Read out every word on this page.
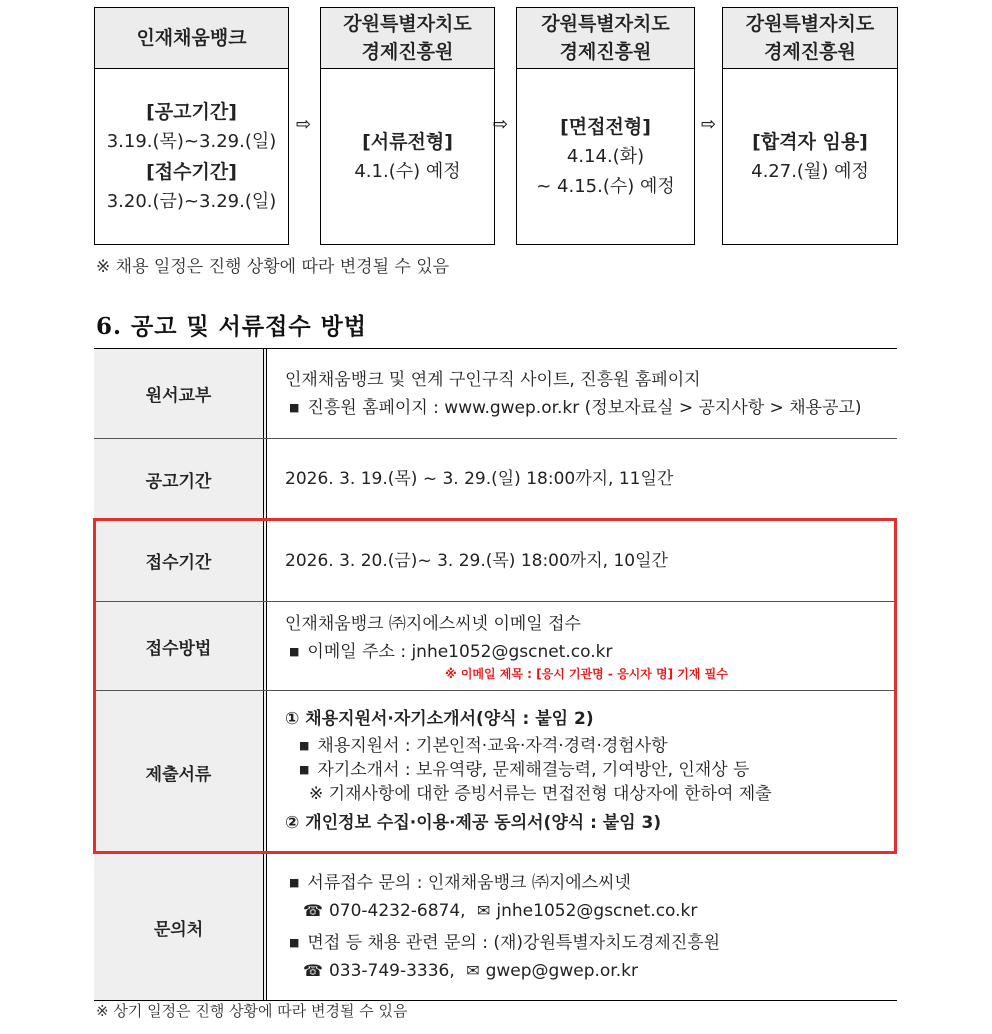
인재채움뱅크
[공고기간]
3.19.(목)~3.29.(일)
[접수기간]
3.20.(금)~3.29.(일)
⇨
강원특별자치도
경제진흥원
[서류전형]
4.1.(수) 예정
⇨
강원특별자치도
경제진흥원
[면접전형]
4.14.(화)
~ 4.15.(수) 예정
⇨
강원특별자치도
경제진흥원
[합격자 임용]
4.27.(월) 예정
※ 채용 일정은 진행 상황에 따라 변경될 수 있음
6. 공고 및 서류접수 방법
원서교부
인재채움뱅크 및 연계 구인구직 사이트, 진흥원 홈페이지
■ 진흥원 홈페이지 : www.gwep.or.kr (정보자료실 > 공지사항 > 채용공고)
공고기간	2026. 3. 19.(목) ~ 3. 29.(일) 18:00까지, 11일간
접수기간	2026. 3. 20.(금)~ 3. 29.(목) 18:00까지, 10일간
접수방법
인재채움뱅크 ㈜지에스씨넷 이메일 접수
■ 이메일 주소 : jnhe1052@gscnet.co.kr
※ 이메일 제목 : [응시 기관명 - 응시자 명] 기재 필수
제출서류
① 채용지원서·자기소개서(양식 : 붙임 2)
■ 채용지원서 : 기본인적·교육·자격·경력·경험사항
■ 자기소개서 : 보유역량, 문제해결능력, 기여방안, 인재상 등
※ 기재사항에 대한 증빙서류는 면접전형 대상자에 한하여 제출
② 개인정보 수집·이용·제공 동의서(양식 : 붙임 3)
문의처
■ 서류접수 문의 : 인재채움뱅크 ㈜지에스씨넷
☎ 070-4232-6874, ✉ jnhe1052@gscnet.co.kr
■ 면접 등 채용 관련 문의 : (재)강원특별자치도경제진흥원
☎ 033-749-3336, ✉ gwep@gwep.or.kr
※ 상기 일정은 진행 상황에 따라 변경될 수 있음
